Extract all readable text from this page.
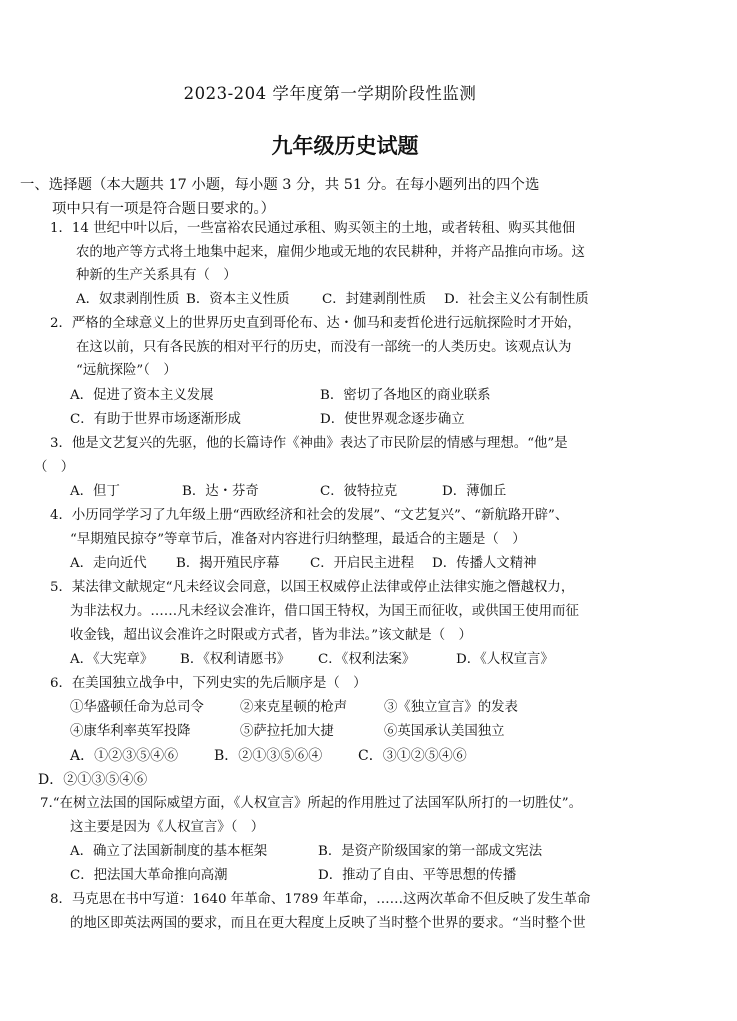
2023-204 学年度第一学期阶段性监测
九年级历史试题
一、选择题（本大题共 17 小题，每小题 3 分，共 51 分。在每小题列出的四个选
项中只有一项是符合题日要求的。）
1．14 世纪中叶以后，一些富裕农民通过承租、购买领主的土地，或者转租、购买其他佃
农的地产等方式将土地集中起来，雇佣少地或无地的农民耕种，并将产品推向市场。这
种新的生产关系具有（　）
A．奴隶剥削性质 B．资本主义性质 C．封建剥削性质 D．社会主义公有制性质
2．严格的全球意义上的世界历史直到哥伦布、达・伽马和麦哲伦进行远航探险时才开始，
在这以前，只有各民族的相对平行的历史，而没有一部统一的人类历史。该观点认为
“远航探险”（　）
A．促进了资本主义发展	B．密切了各地区的商业联系
C．有助于世界市场逐渐形成	D．使世界观念逐步确立
3．他是文艺复兴的先驱，他的长篇诗作《神曲》表达了市民阶层的情感与理想。“他”是
（　）
A．但丁	B．达・芬奇	C．彼特拉克	D．薄伽丘
4．小历同学学习了九年级上册“西欧经济和社会的发展”、“文艺复兴”、“新航路开辟”、
“早期殖民掠夺”等章节后，准备对内容进行归纳整理，最适合的主题是（　）
A．走向近代 B．揭开殖民序幕 C．开启民主进程 D．传播人文精神
5．某法律文献规定“凡未经议会同意，以国王权威停止法律或停止法律实施之僭越权力，
为非法权力。……凡未经议会准许，借口国王特权，为国王而征收，或供国王使用而征
收金钱，超出议会准许之时限或方式者，皆为非法。”该文献是（　）
A．《大宪章》 B．《权利请愿书》 C．《权利法案》	D．《人权宣言》
6．在美国独立战争中，下列史实的先后顺序是（　）
①华盛顿任命为总司令	②来克星顿的枪声	③《独立宣言》的发表
④康华利率英军投降	⑤萨拉托加大捷	⑥英国承认美国独立
A．①②③⑤④⑥	B．②①③⑤⑥④	C．③①②⑤④⑥
D．②①③⑤④⑥
7.“在树立法国的国际威望方面，《人权宣言》所起的作用胜过了法国军队所打的一切胜仗”。
这主要是因为《人权宣言》（　）
A．确立了法国新制度的基本框架	B．是资产阶级国家的第一部成文宪法
C．把法国大革命推向高潮	D．推动了自由、平等思想的传播
8．马克思在书中写道：1640 年革命、1789 年革命，……这两次革命不但反映了发生革命
的地区即英法两国的要求，而且在更大程度上反映了当时整个世界的要求。“当时整个世
